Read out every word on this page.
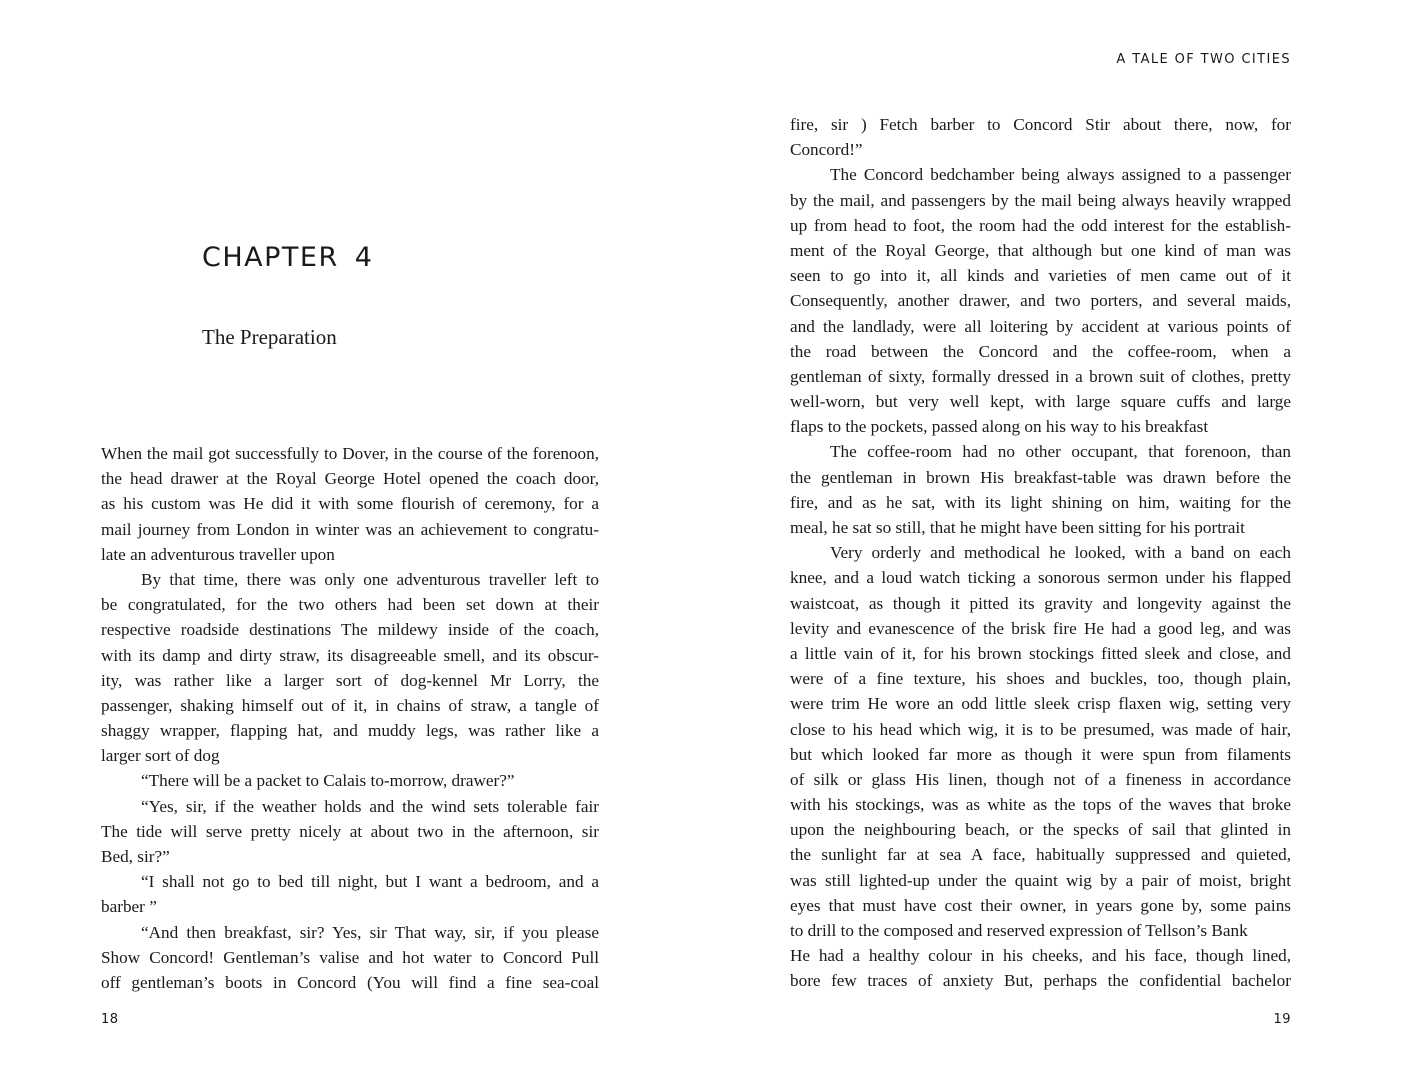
CHAPTER 4
The Preparation
When the mail got successfully to Dover, in the course of the forenoon,
the head drawer at the Royal George Hotel opened the coach door,
as his custom was He did it with some flourish of ceremony, for a
mail journey from London in winter was an achievement to congratu-
late an adventurous traveller upon
By that time, there was only one adventurous traveller left to
be congratulated, for the two others had been set down at their
respective roadside destinations The mildewy inside of the coach,
with its damp and dirty straw, its disagreeable smell, and its obscur-
ity, was rather like a larger sort of dog-kennel Mr Lorry, the
passenger, shaking himself out of it, in chains of straw, a tangle of
shaggy wrapper, flapping hat, and muddy legs, was rather like a
larger sort of dog
“There will be a packet to Calais to-morrow, drawer?”
“Yes, sir, if the weather holds and the wind sets tolerable fair
The tide will serve pretty nicely at about two in the afternoon, sir
Bed, sir?”
“I shall not go to bed till night, but I want a bedroom, and a
barber ”
“And then breakfast, sir? Yes, sir That way, sir, if you please
Show Concord! Gentleman’s valise and hot water to Concord Pull
off gentleman’s boots in Concord (You will find a fine sea-coal
18
A TALE OF TWO CITIES
fire, sir ) Fetch barber to Concord Stir about there, now, for
Concord!”
The Concord bedchamber being always assigned to a passenger
by the mail, and passengers by the mail being always heavily wrapped
up from head to foot, the room had the odd interest for the establish-
ment of the Royal George, that although but one kind of man was
seen to go into it, all kinds and varieties of men came out of it
Consequently, another drawer, and two porters, and several maids,
and the landlady, were all loitering by accident at various points of
the road between the Concord and the coffee-room, when a
gentleman of sixty, formally dressed in a brown suit of clothes, pretty
well-worn, but very well kept, with large square cuffs and large
flaps to the pockets, passed along on his way to his breakfast
The coffee-room had no other occupant, that forenoon, than
the gentleman in brown His breakfast-table was drawn before the
fire, and as he sat, with its light shining on him, waiting for the
meal, he sat so still, that he might have been sitting for his portrait
Very orderly and methodical he looked, with a band on each
knee, and a loud watch ticking a sonorous sermon under his flapped
waistcoat, as though it pitted its gravity and longevity against the
levity and evanescence of the brisk fire He had a good leg, and was
a little vain of it, for his brown stockings fitted sleek and close, and
were of a fine texture, his shoes and buckles, too, though plain,
were trim He wore an odd little sleek crisp flaxen wig, setting very
close to his head which wig, it is to be presumed, was made of hair,
but which looked far more as though it were spun from filaments
of silk or glass His linen, though not of a fineness in accordance
with his stockings, was as white as the tops of the waves that broke
upon the neighbouring beach, or the specks of sail that glinted in
the sunlight far at sea A face, habitually suppressed and quieted,
was still lighted-up under the quaint wig by a pair of moist, bright
eyes that must have cost their owner, in years gone by, some pains
to drill to the composed and reserved expression of Tellson’s Bank
He had a healthy colour in his cheeks, and his face, though lined,
bore few traces of anxiety But, perhaps the confidential bachelor
19
